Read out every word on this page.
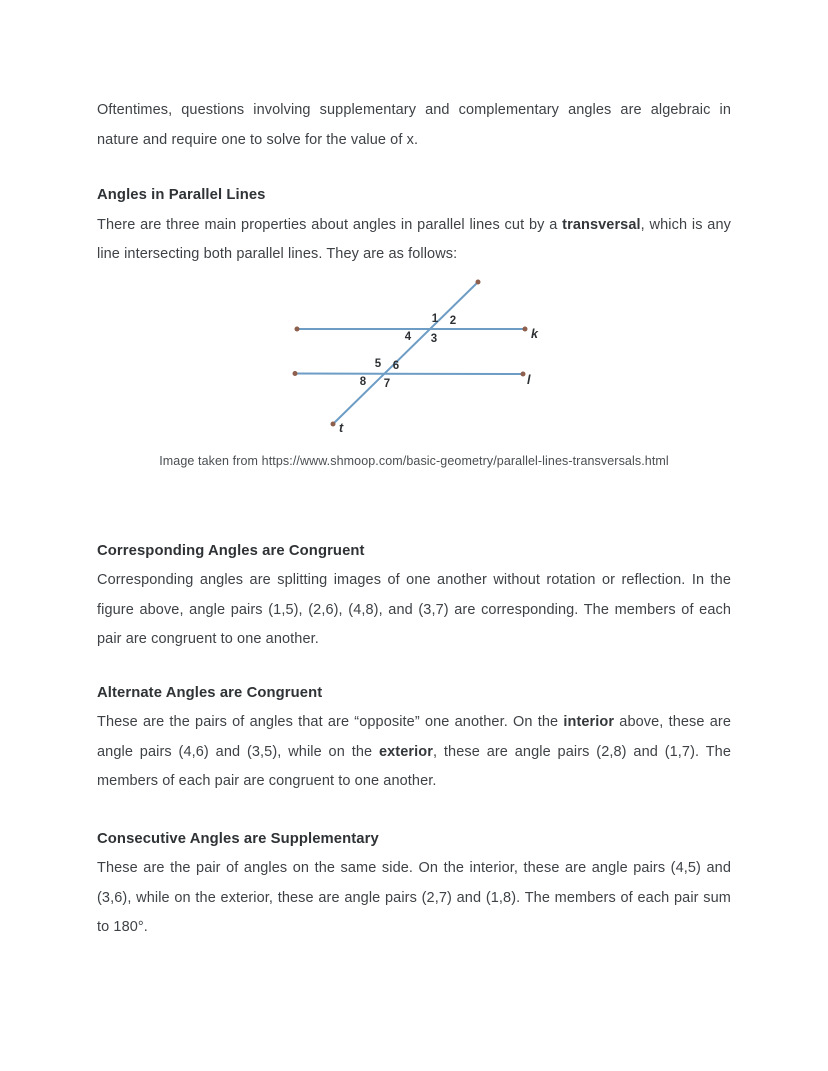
Oftentimes, questions involving supplementary and complementary angles are algebraic in nature and require one to solve for the value of x.

Angles in Parallel Lines

There are three main properties about angles in parallel lines cut by a transversal, which is any line intersecting both parallel lines. They are as follows:

k
l
t
1 2
3
4
5 6
7
8
Image taken from https://www.shmoop.com/basic-geometry/parallel-lines-transversals.html
Corresponding Angles are Congruent

Corresponding angles are splitting images of one another without rotation or reflection. In the figure above, angle pairs (1,5), (2,6), (4,8), and (3,7) are corresponding. The members of each pair are congruent to one another.

Alternate Angles are Congruent

These are the pairs of angles that are “opposite” one another. On the interior above, these are angle pairs (4,6) and (3,5), while on the exterior, these are angle pairs (2,8) and (1,7). The members of each pair are congruent to one another.

Consecutive Angles are Supplementary

These are the pair of angles on the same side. On the interior, these are angle pairs (4,5) and (3,6), while on the exterior, these are angle pairs (2,7) and (1,8). The members of each pair sum to 180°.
